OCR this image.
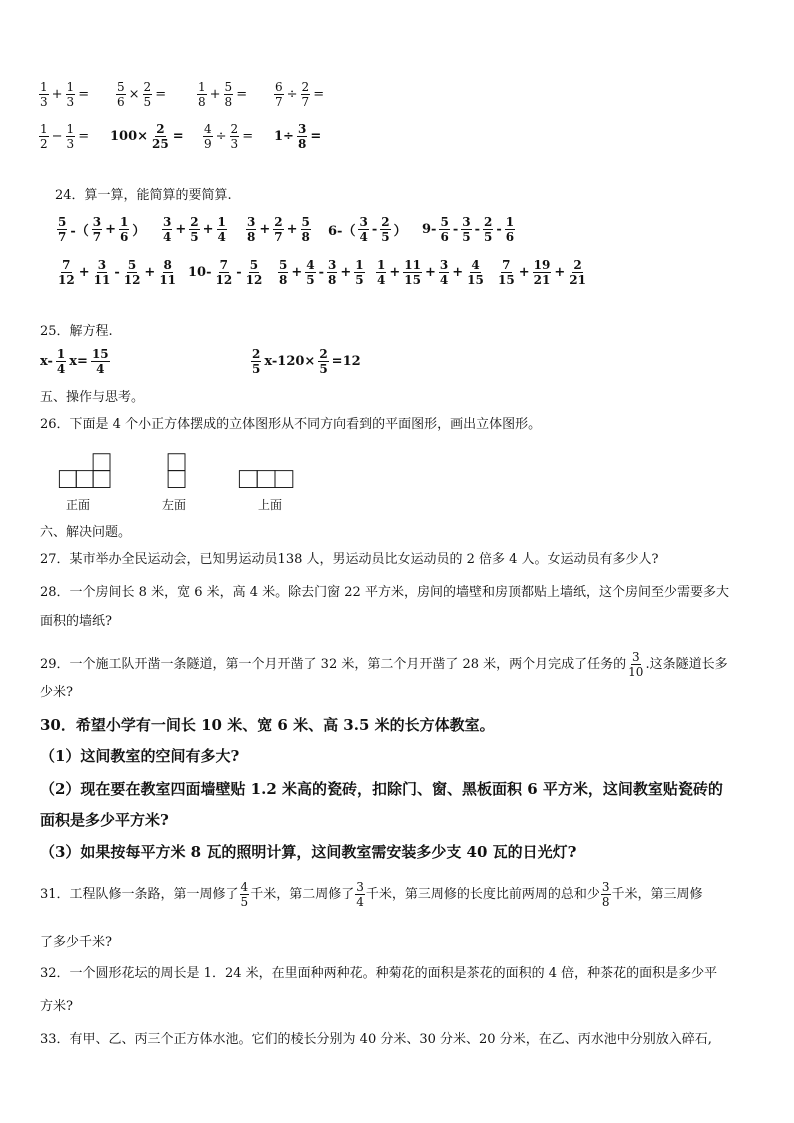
$\frac{1}{3} + \frac{1}{3} = \frac{5}{6} \times \frac{2}{5}$ =	$\frac{1}{8} + \frac{5}{8} = \frac{6}{7} \div \frac{2}{7}$ =
$\frac{1}{2} - \frac{1}{3} = 100\times \frac{2}{25} = \frac{4}{9} \div \frac{2}{3} = 1\div \frac{3}{8}$ =
24．算一算，能简算的要简算.
$\frac{5}{7}$ -（ $\frac{3}{7} + \frac{1}{6}$ ） $\frac{3}{4} + \frac{2}{5} + \frac{1}{4} \frac{3}{8} + \frac{2}{7} + \frac{5}{8} 6-( \frac{3}{4} - \frac{2}{5}$ ） $9- \frac{5}{6} - \frac{3}{5} - \frac{2}{5} - \frac{1}{6}$
$\frac{7}{12} + \frac{3}{11} - \frac{5}{12} + \frac{8}{11} 10- \frac{7}{12} - \frac{5}{12} \frac{5}{8} + \frac{4}{5} - \frac{3}{8} + \frac{1}{5} \frac{1}{4} + \frac{11}{15} + \frac{3}{4} + \frac{4}{15} \frac{7}{15} + \frac{19}{21} + \frac{2}{21}$
25．解方程.
$x- \frac{1}{4} x= \frac{15}{4}$	$\frac{2}{5} x-120\times \frac{2}{5} =12$
五、操作与思考。
26．下面是 4 个小正方体摆成的立体图形从不同方向看到的平面图形，画出立体图形。
正面	左面	上面
六、解决问题。
27．某市举办全民运动会，已知男运动员138 人，男运动员比女运动员的 2 倍多 4 人。女运动员有多少人?
28．一个房间长 8 米，宽 6 米，高 4 米。除去门窗 22 平方米，房间的墙壁和房顶都贴上墙纸，这个房间至少需要多大
面积的墙纸?
29．一个施工队开凿一条隧道，第一个月开凿了 32 米，第二个月开凿了 28 米，两个月完成了任务的 $\frac{3}{10}$ .这条隧道长多
少米?
30．希望小学有一间长 10 米、宽 6 米、高 3.5 米的长方体教室。
（1）这间教室的空间有多大?
（2）现在要在教室四面墙壁贴 1.2 米高的瓷砖，扣除门、窗、黑板面积 6 平方米，这间教室贴瓷砖的
面积是多少平方米?
（3）如果按每平方米 8 瓦的照明计算，这间教室需安装多少支 40 瓦的日光灯?
31．工程队修一条路，第一周修了 $\frac{4}{5}$ 千米，第二周修了 $\frac{3}{4}$ 千米，第三周修的长度比前两周的总和少 $\frac{3}{8}$ 千米，第三周修
了多少千米?
32．一个圆形花坛的周长是 1．24 米，在里面种两种花。种菊花的面积是茶花的面积的 4 倍，种茶花的面积是多少平
方米?
33．有甲、乙、丙三个正方体水池。它们的棱长分别为 40 分米、30 分米、20 分米，在乙、丙水池中分别放入碎石,
